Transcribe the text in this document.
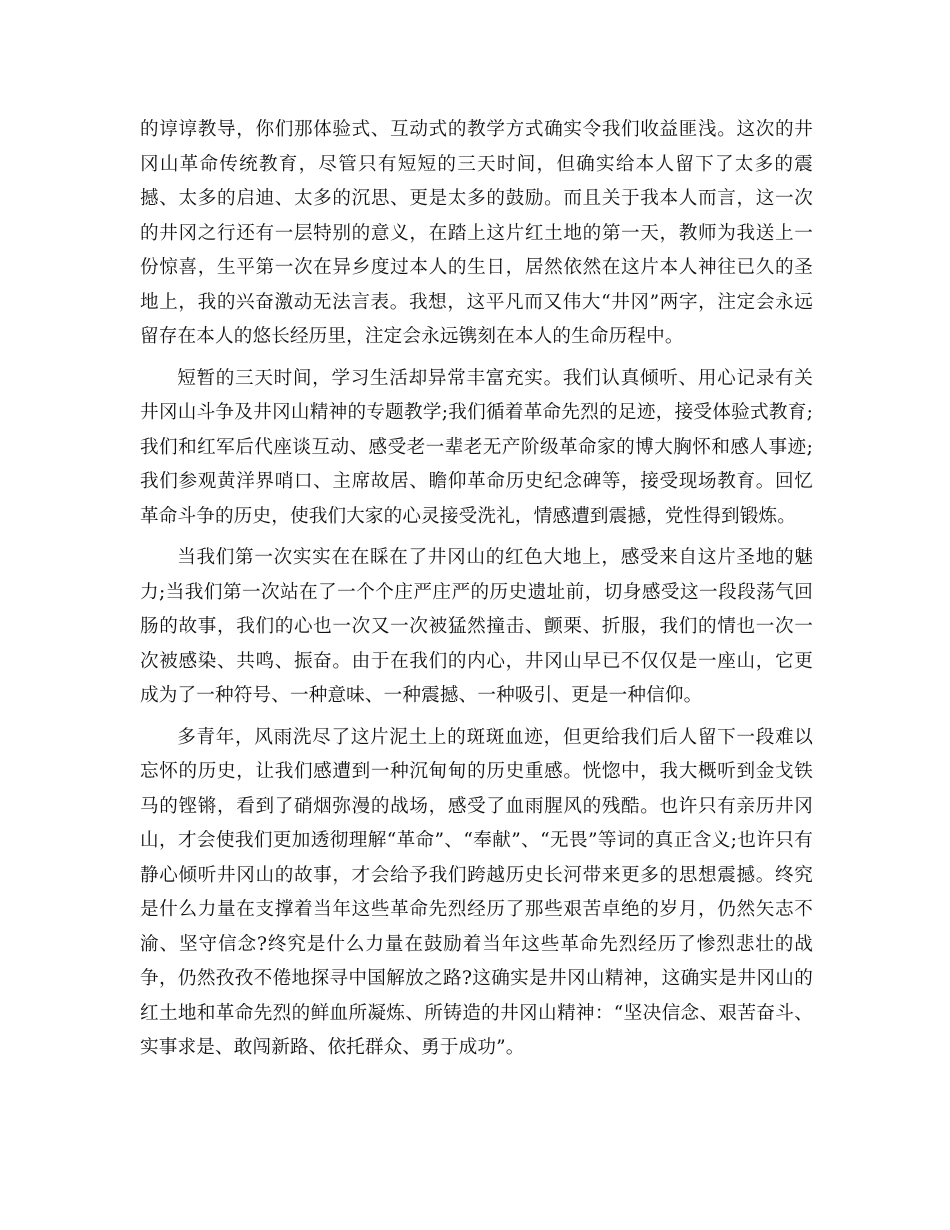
的谆谆教导，你们那体验式、互动式的教学方式确实令我们收益匪浅。这次的井冈山革命传统教育，尽管只有短短的三天时间，但确实给本人留下了太多的震撼、太多的启迪、太多的沉思、更是太多的鼓励。而且关于我本人而言，这一次的井冈之行还有一层特别的意义，在踏上这片红土地的第一天，教师为我送上一份惊喜，生平第一次在异乡度过本人的生日，居然依然在这片本人神往已久的圣地上，我的兴奋激动无法言表。我想，这平凡而又伟大“井冈”两字，注定会永远留存在本人的悠长经历里，注定会永远镌刻在本人的生命历程中。

短暂的三天时间，学习生活却异常丰富充实。我们认真倾听、用心记录有关井冈山斗争及井冈山精神的专题教学;我们循着革命先烈的足迹，接受体验式教育;我们和红军后代座谈互动、感受老一辈老无产阶级革命家的博大胸怀和感人事迹;我们参观黄洋界哨口、主席故居、瞻仰革命历史纪念碑等，接受现场教育。回忆革命斗争的历史，使我们大家的心灵接受洗礼，情感遭到震撼，党性得到锻炼。

当我们第一次实实在在睬在了井冈山的红色大地上，感受来自这片圣地的魅力;当我们第一次站在了一个个庄严庄严的历史遗址前，切身感受这一段段荡气回肠的故事，我们的心也一次又一次被猛然撞击、颤栗、折服，我们的情也一次一次被感染、共鸣、振奋。由于在我们的内心，井冈山早已不仅仅是一座山，它更成为了一种符号、一种意味、一种震撼、一种吸引、更是一种信仰。

多青年，风雨洗尽了这片泥土上的斑斑血迹，但更给我们后人留下一段难以忘怀的历史，让我们感遭到一种沉甸甸的历史重感。恍惚中，我大概听到金戈铁马的铿锵，看到了硝烟弥漫的战场，感受了血雨腥风的残酷。也许只有亲历井冈山，才会使我们更加透彻理解“革命”、“奉献”、“无畏”等词的真正含义;也许只有静心倾听井冈山的故事，才会给予我们跨越历史长河带来更多的思想震撼。终究是什么力量在支撑着当年这些革命先烈经历了那些艰苦卓绝的岁月，仍然矢志不渝、坚守信念?终究是什么力量在鼓励着当年这些革命先烈经历了惨烈悲壮的战争，仍然孜孜不倦地探寻中国解放之路?这确实是井冈山精神，这确实是井冈山的红土地和革命先烈的鲜血所凝炼、所铸造的井冈山精神：“坚决信念、艰苦奋斗、实事求是、敢闯新路、依托群众、勇于成功”。
